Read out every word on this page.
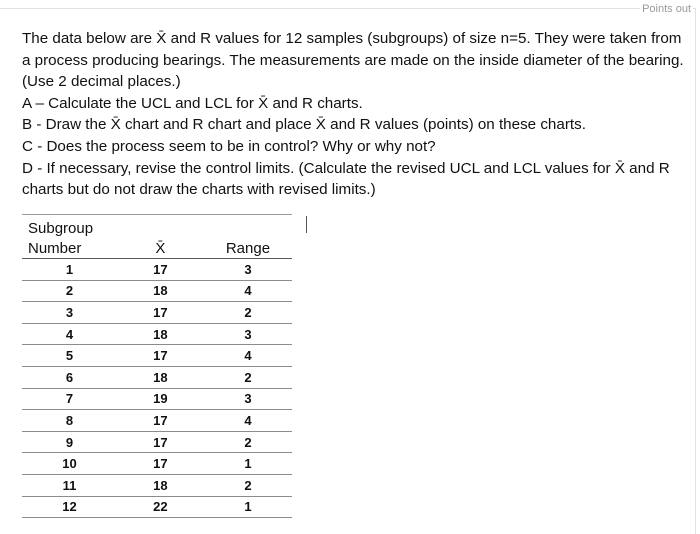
Points out

The data below are X̄ and R values for 12 samples (subgroups) of size n=5. They were taken from a process producing bearings. The measurements are made on the inside diameter of the bearing. (Use 2 decimal places.)

A – Calculate the UCL and LCL for X̄ and R charts.

B - Draw the X̄ chart and R chart and place X̄ and R values (points) on these charts.

C - Does the process seem to be in control? Why or why not?

D - If necessary, revise the control limits. (Calculate the revised UCL and LCL values for X̄ and R charts but do not draw the charts with revised limits.)

Subgroup
Number	X̄	Range
1	17	3
2	18	4
3	17	2
4	18	3
5	17	4
6	18	2
7	19	3
8	17	4
9	17	2
10	17	1
11	18	2
12	22	1
